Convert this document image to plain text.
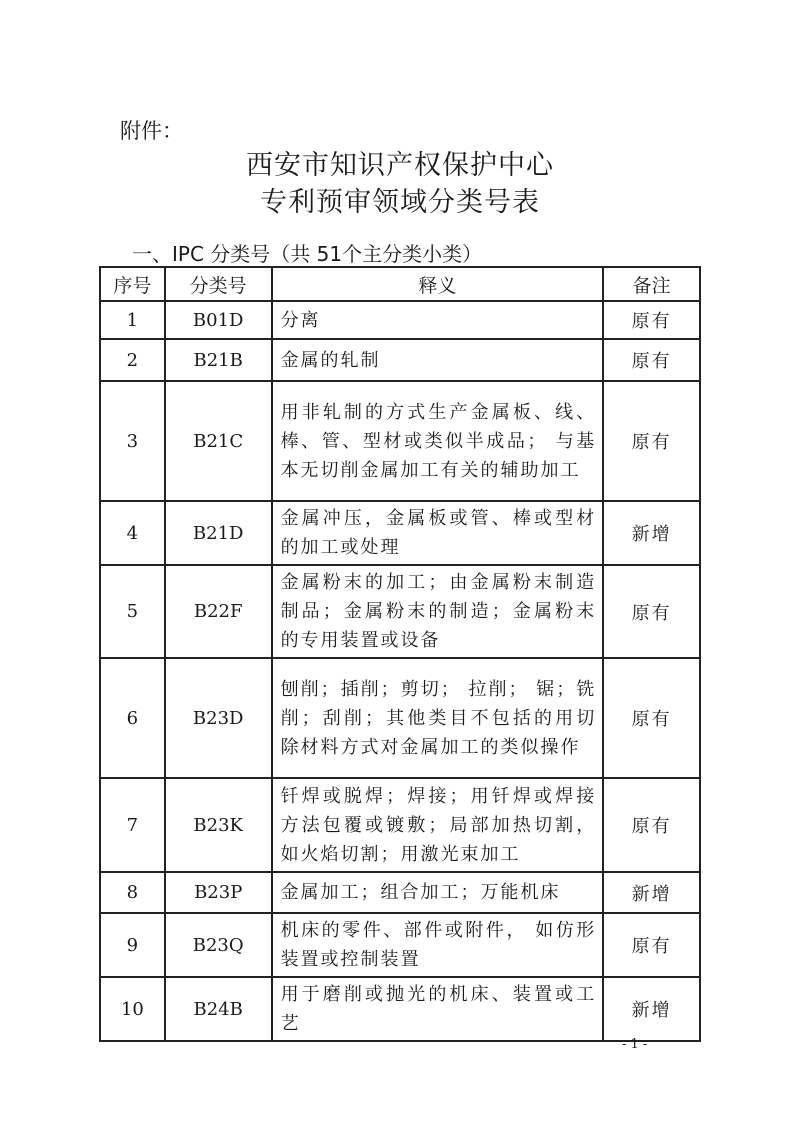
附件：
西安市知识产权保护中心
专利预审领域分类号表
一、IPC 分类号（共 51个主分类小类）
序号	分类号	释义	备注
1	B01D	分离	原有
2	B21B	金属的轧制	原有
3	B21C	用非轧制的方式生产金属板、线、棒、管、型材或类似半成品； 与基本无切削金属加工有关的辅助加工	原有
4	B21D	金属冲压，金属板或管、棒或型材的加工或处理	新增
5	B22F	金属粉末的加工；由金属粉末制造制品；金属粉末的制造；金属粉末的专用装置或设备	原有
6	B23D	刨削；插削；剪切； 拉削； 锯；铣削；刮削；其他类目不包括的用切除材料方式对金属加工的类似操作	原有
7	B23K	钎焊或脱焊；焊接；用钎焊或焊接方法包覆或镀敷；局部加热切割，如火焰切割；用激光束加工	原有
8	B23P	金属加工；组合加工；万能机床	新增
9	B23Q	机床的零件、部件或附件， 如仿形装置或控制装置	原有
10	B24B	用于磨削或抛光的机床、装置或工艺	新增
- 1 -
